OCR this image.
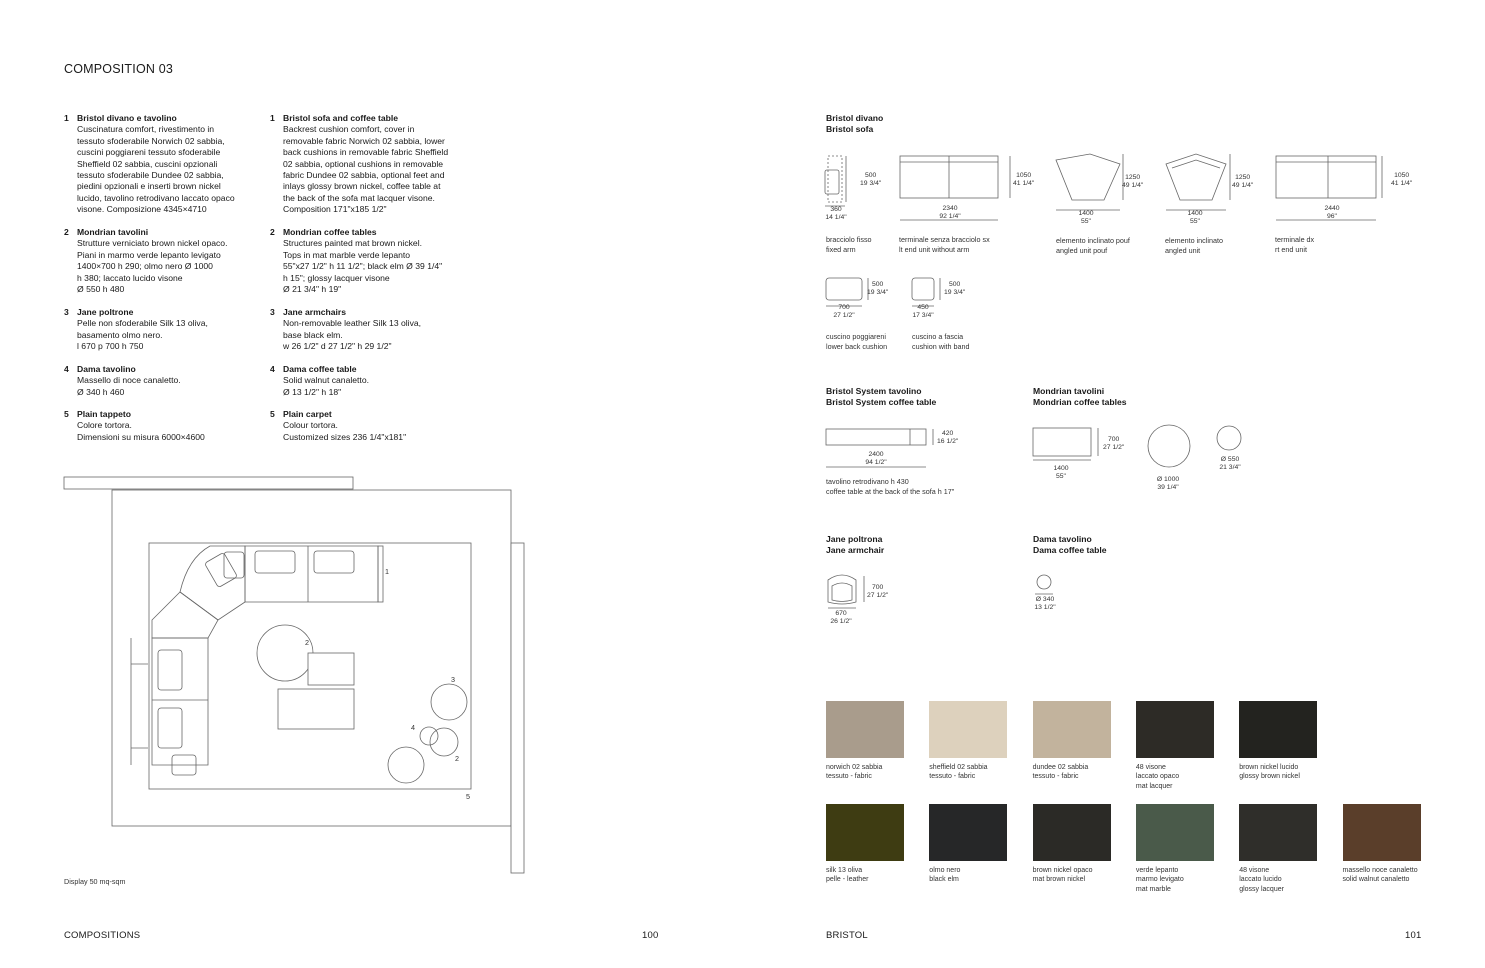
COMPOSITION 03
1 Bristol divano e tavolino
Cuscinatura comfort, rivestimento in
tessuto sfoderabile Norwich 02 sabbia,
cuscini poggiareni tessuto sfoderabile
Sheffield 02 sabbia, cuscini opzionali
tessuto sfoderabile Dundee 02 sabbia,
piedini opzionali e inserti brown nickel
lucido, tavolino retrodivano laccato opaco
visone. Composizione 4345×4710
2 Mondrian tavolini
Strutture verniciato brown nickel opaco.
Piani in marmo verde lepanto levigato
1400×700 h 290; olmo nero Ø 1000
h 380; laccato lucido visone
Ø 550 h 480
3 Jane poltrone
Pelle non sfoderabile Silk 13 oliva,
basamento olmo nero.
l 670 p 700 h 750
4 Dama tavolino
Massello di noce canaletto.
Ø 340 h 460
5 Plain tappeto
Colore tortora.
Dimensioni su misura 6000×4600
1 Bristol sofa and coffee table
Backrest cushion comfort, cover in
removable fabric Norwich 02 sabbia, lower
back cushions in removable fabric Sheffield
02 sabbia, optional cushions in removable
fabric Dundee 02 sabbia, optional feet and
inlays glossy brown nickel, coffee table at
the back of the sofa mat lacquer visone.
Composition 171"x185 1/2"
2 Mondrian coffee tables
Structures painted mat brown nickel.
Tops in mat marble verde lepanto
55"x27 1/2" h 11 1/2"; black elm Ø 39 1/4"
h 15"; glossy lacquer visone
Ø 21 3/4" h 19"
3 Jane armchairs
Non-removable leather Silk 13 oliva,
base black elm.
w 26 1/2" d 27 1/2" h 29 1/2"
4 Dama coffee table
Solid walnut canaletto.
Ø 13 1/2" h 18"
5 Plain carpet
Colour tortora.
Customized sizes 236 1/4"x181"
1
2
3
4
2
5
Display 50 mq-sqm
COMPOSITIONS	100
Bristol divano
Bristol sofa
500
19 3/4"
360
14 1/4"
1050
41 1/4"
2340
92 1/4"
1250
49 1/4"
1400
55"
1250
49 1/4"
1400
55"
1050
41 1/4"
2440
96"
bracciolo fisso
fixed arm
terminale senza bracciolo sx
lt end unit without arm
elemento inclinato pouf
angled unit pouf
elemento inclinato
angled unit
terminale dx
rt end unit
500
19 3/4"
700
27 1/2"
500
19 3/4"
450
17 3/4"
cuscino poggiareni
lower back cushion
cuscino a fascia
cushion with band
Bristol System tavolino
Bristol System coffee table
420
16 1/2"
2400
94 1/2"
tavolino retrodivano h 430
coffee table at the back of the sofa h 17"
Mondrian tavolini
Mondrian coffee tables
700
27 1/2"
1400
55"	Ø 1000
39 1/4"
Ø 550
21 3/4"
Jane poltrona
Jane armchair
700
27 1/2"
670
26 1/2"
Dama tavolino
Dama coffee table
Ø 340
13 1/2"
norwich 02 sabbia
tessuto - fabric
sheffield 02 sabbia
tessuto - fabric
dundee 02 sabbia
tessuto - fabric
48 visone
laccato opaco
mat lacquer
brown nickel lucido
glossy brown nickel
silk 13 oliva
pelle - leather
olmo nero
black elm
brown nickel opaco
mat brown nickel
verde lepanto
marmo levigato
mat marble
48 visone
laccato lucido
glossy lacquer
massello noce canaletto
solid walnut canaletto
BRISTOL	101
